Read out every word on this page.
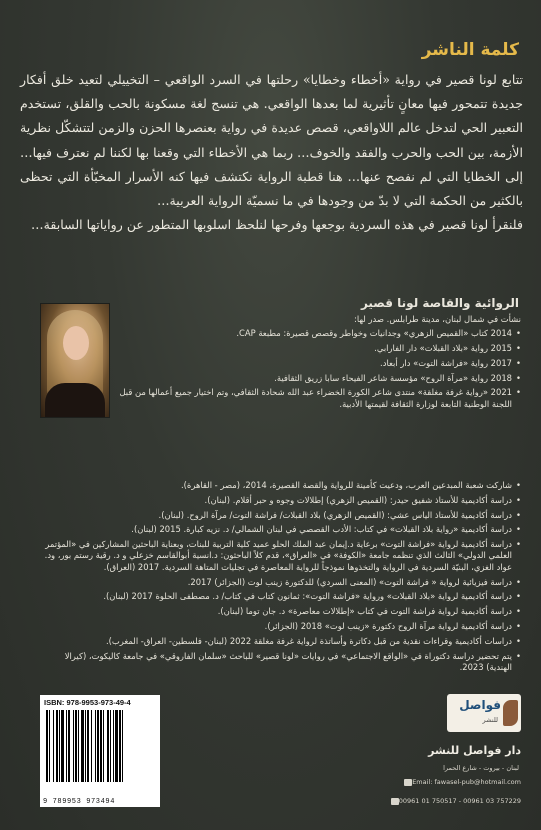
كلمة الناشر

تتابع لونا قصير في رواية «أخطاء وخطايا» رحلتها في السرد الواقعي – التخييلي لتعيد خلق أفكار جديدة تتمحور فيها معانٍ تأثيرية لما بعدها الواقعي. هي تنسج لغة مسكونة بالحب والقلق، تستخدم التعبير الحي لتدخل عالم اللاواقعي، قصص عديدة في رواية بعنصرها الحزن والزمن لتتشكّل نظرية الأزمة، بين الحب والحرب والفقد والخوف… ربما هي الأخطاء التي وقعنا بها لكننا لم نعترف فيها… إلى الخطايا التي لم نفصح عنها… هنا قطبة الرواية نكتشف فيها كنه الأسرار المخبّأة التي تحظى بالكثير من الحكمة التي لا بدّ من وجودها في ما نسميّة الرواية العربية…

فلنقرأ لونا قصير في هذه السردية بوجعها وفرحها لنلحظ اسلوبها المتطور عن رواياتها السابقة…

الروائية والقاصة لونا قصير

نشأت في شمال لبنان، مدينة طرابلس. صدر لها:

• 2014 كتاب «القميص الزهري» وجدانيات وخواطر وقصص قصيرة: مطبعة CAP.
• 2015 رواية «بلاد القبلات» دار الفارابي.
• 2017 رواية «فراشة التوت» دار أبعاد.
• 2018 رواية «مرآة الروح» مؤسسة شاعر الفيحاء سابا زريق الثقافية.
• 2021 «رواية غرفة مغلقة» منتدى شاعر الكورة الخضراء عبد الله شحادة الثقافي، وتم اختيار جميع أعمالها من قبل اللجنة الوطنية التابعة لوزارة الثقافة لقيمتها الأدبية.
• شاركت شعبة المبدعين العرب، ودعيت كأمينة للرواية والقصة القصيرة، 2014، (مصر - القاهرة).
• دراسة أكاديمية للأستاذ شفيق حيدر: (القميص الزهري) إطلالات وجوه و حبر أقلام. (لبنان).
• دراسة أكاديمية للأستاذ الياس عشي: (القميص الزهري) بلاد القبلات/ فراشة التوت/ مرآة الروح. (لبنان).
• دراسة أكاديمية «رواية بلاد القبلات» في كتاب: الأدب القصصي في لبنان الشمالي/ د. نزيه كبارة. 2015 (لبنان).
• دراسة أكاديمية لرواية «فراشة التوت» برعاية د.إيمان عبد الملك الحلو عميد كلية التربية للبنات، وبعناية الباحثين المشاركين في «المؤتمر العلمي الدولي» الثالث الذي تنظمه جامعة «الكوفة» في «العراق»، قدم كلاً الباحثون: د.انسية أبوالقاسم خزعلي و د. رقية رستم بور، ود. عواد الغزي، البنيّة السردية في الرواية والتخذوها نموذجاً للرواية المعاصرة في تجليات المتاهة السردية. 2017 (العراق).
• دراسة فيزيائية لرواية « فراشة التوت» (المعنى السردي) للدكتورة زينب لوت (الجزائر) 2017.
• دراسة أكاديمية لرواية «بلاد القبلات» ورواية «فراشة التوت»: ثمانون كتاب في كتاب/ د. مصطفى الحلوة 2017 (لبنان).
• دراسة أكاديمية لرواية فراشة التوت في كتاب «إطلالات معاصرة» د. جان توما (لبنان).
• دراسة أكاديمية لرواية مرآة الروح دكتورة «زينب لوت» 2018 (الجزائر).
• دراسات أكاديمية وقراءات نقدية من قبل دكاترة وأساتذة لرواية غرفة مغلقة 2022 (لبنان- فلسطين- العراق- المغرب).
• يتم تحضير دراسة دكتوراة في «الواقع الاجتماعي» في روايات «لونا قصير» للباحث «سلمان الفاروقي» في جامعة كاليكوت، (كيرالا الهندية) 2023.
ISBN: 978-9953-973-49-4
9 789953 973494
فواصل
للنشر
دار فواصل للنشر
لبنان - بيروت - شارع الحمرا
Email: fawasel-pub@hotmail.com
00961 01 750517 - 00961 03 757229
